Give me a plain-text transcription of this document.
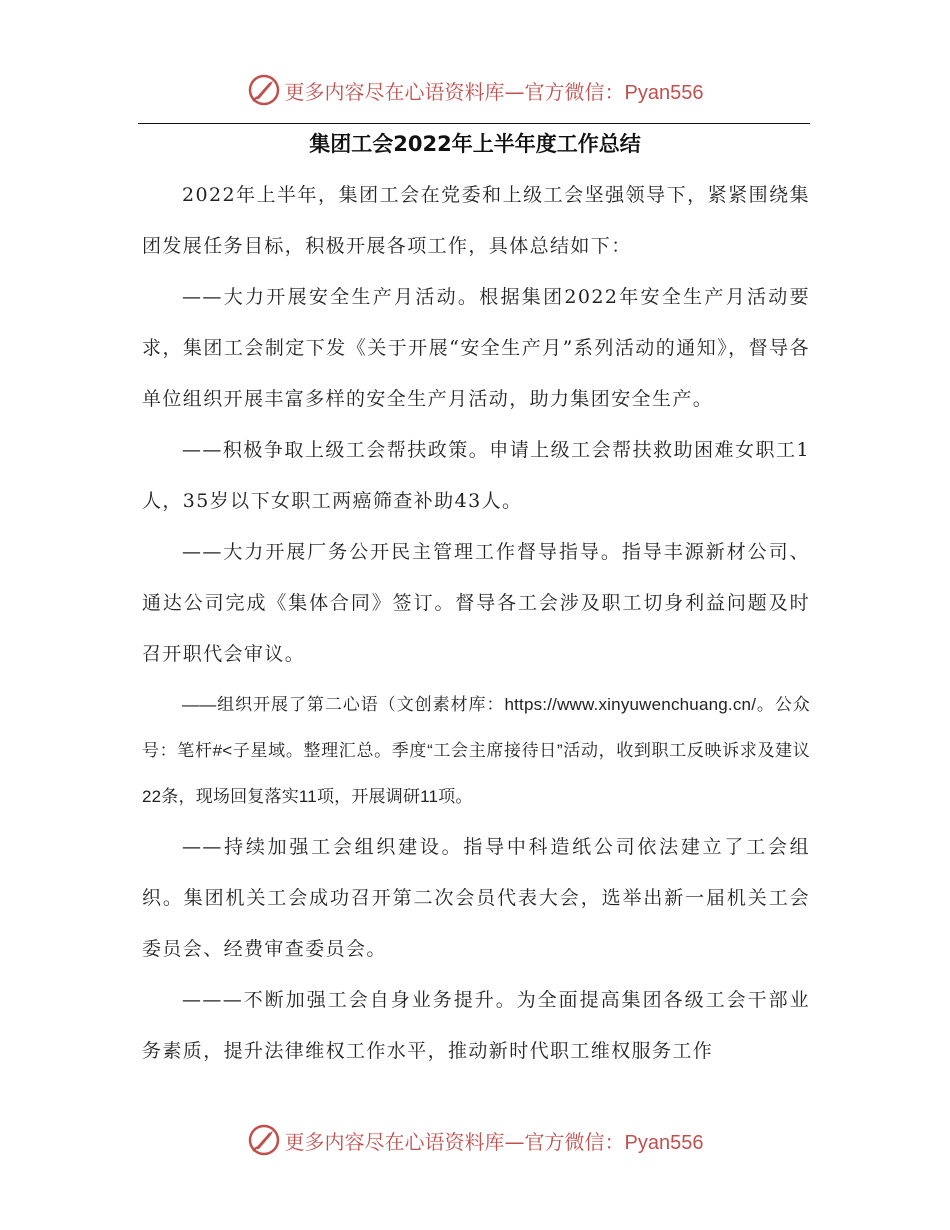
更多内容尽在心语资料库—官方微信：Pyan556
集团工会2022年上半年度工作总结

2022年上半年，集团工会在党委和上级工会坚强领导下，紧紧围绕集团发展任务目标，积极开展各项工作，具体总结如下：

——大力开展安全生产月活动。根据集团2022年安全生产月活动要求，集团工会制定下发《关于开展“安全生产月”系列活动的通知》，督导各单位组织开展丰富多样的安全生产月活动，助力集团安全生产。

——积极争取上级工会帮扶政策。申请上级工会帮扶救助困难女职工1人，35岁以下女职工两癌筛查补助43人。

——大力开展厂务公开民主管理工作督导指导。指导丰源新材公司、通达公司完成《集体合同》签订。督导各工会涉及职工切身利益问题及时召开职代会审议。

——组织开展了第二心语（文创素材库：https://www.xinyuwenchuang.cn/。公众号：笔杆#<子星域。整理汇总。季度“工会主席接待日”活动，收到职工反映诉求及建议22条，现场回复落实11项，开展调研11项。

——持续加强工会组织建设。指导中科造纸公司依法建立了工会组织。集团机关工会成功召开第二次会员代表大会，选举出新一届机关工会委员会、经费审查委员会。

———不断加强工会自身业务提升。为全面提高集团各级工会干部业务素质，提升法律维权工作水平，推动新时代职工维权服务工作

更多内容尽在心语资料库—官方微信：Pyan556
